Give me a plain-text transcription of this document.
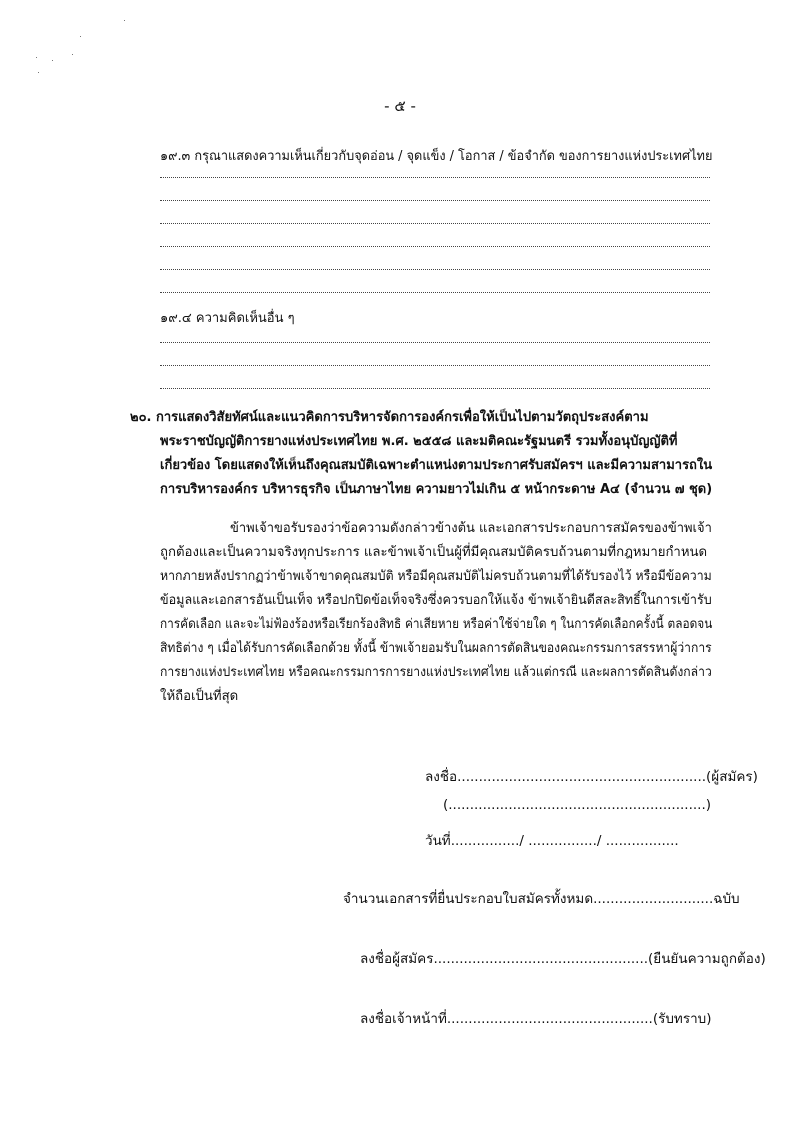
- ๕ -
๑๙.๓ กรุณาแสดงความเห็นเกี่ยวกับจุดอ่อน / จุดแข็ง / โอกาส / ข้อจำกัด ของการยางแห่งประเทศไทย
๑๙.๔ ความคิดเห็นอื่น ๆ
๒๐. การแสดงวิสัยทัศน์และแนวคิดการบริหารจัดการองค์กรเพื่อให้เป็นไปตามวัตถุประสงค์ตาม
พระราชบัญญัติการยางแห่งประเทศไทย พ.ศ. ๒๕๕๘ และมติคณะรัฐมนตรี รวมทั้งอนุบัญญัติที่
เกี่ยวข้อง โดยแสดงให้เห็นถึงคุณสมบัติเฉพาะตำแหน่งตามประกาศรับสมัครฯ และมีความสามารถใน
การบริหารองค์กร บริหารธุรกิจ เป็นภาษาไทย ความยาวไม่เกิน ๕ หน้ากระดาษ A๔ (จำนวน ๗ ชุด)
ข้าพเจ้าขอรับรองว่าข้อความดังกล่าวข้างต้น และเอกสารประกอบการสมัครของข้าพเจ้า
ถูกต้องและเป็นความจริงทุกประการ และข้าพเจ้าเป็นผู้ที่มีคุณสมบัติครบถ้วนตามที่กฎหมายกำหนด
หากภายหลังปรากฏว่าข้าพเจ้าขาดคุณสมบัติ หรือมีคุณสมบัติไม่ครบถ้วนตามที่ได้รับรองไว้ หรือมีข้อความ
ข้อมูลและเอกสารอันเป็นเท็จ หรือปกปิดข้อเท็จจริงซึ่งควรบอกให้แจ้ง ข้าพเจ้ายินดีสละสิทธิ์ในการเข้ารับ
การคัดเลือก และจะไม่ฟ้องร้องหรือเรียกร้องสิทธิ ค่าเสียหาย หรือค่าใช้จ่ายใด ๆ ในการคัดเลือกครั้งนี้ ตลอดจน
สิทธิต่าง ๆ เมื่อได้รับการคัดเลือกด้วย ทั้งนี้ ข้าพเจ้ายอมรับในผลการตัดสินของคณะกรรมการสรรหาผู้ว่าการ
การยางแห่งประเทศไทย หรือคณะกรรมการการยางแห่งประเทศไทย แล้วแต่กรณี และผลการตัดสินดังกล่าว
ให้ถือเป็นที่สุด
ลงชื่อ..........................................................(ผู้สมัคร)
(............................................................)
วันที่................/ ................/ .................
จำนวนเอกสารที่ยื่นประกอบใบสมัครทั้งหมด............................ฉบับ
ลงชื่อผู้สมัคร..................................................(ยืนยันความถูกต้อง)
ลงชื่อเจ้าหน้าที่................................................(รับทราบ)
